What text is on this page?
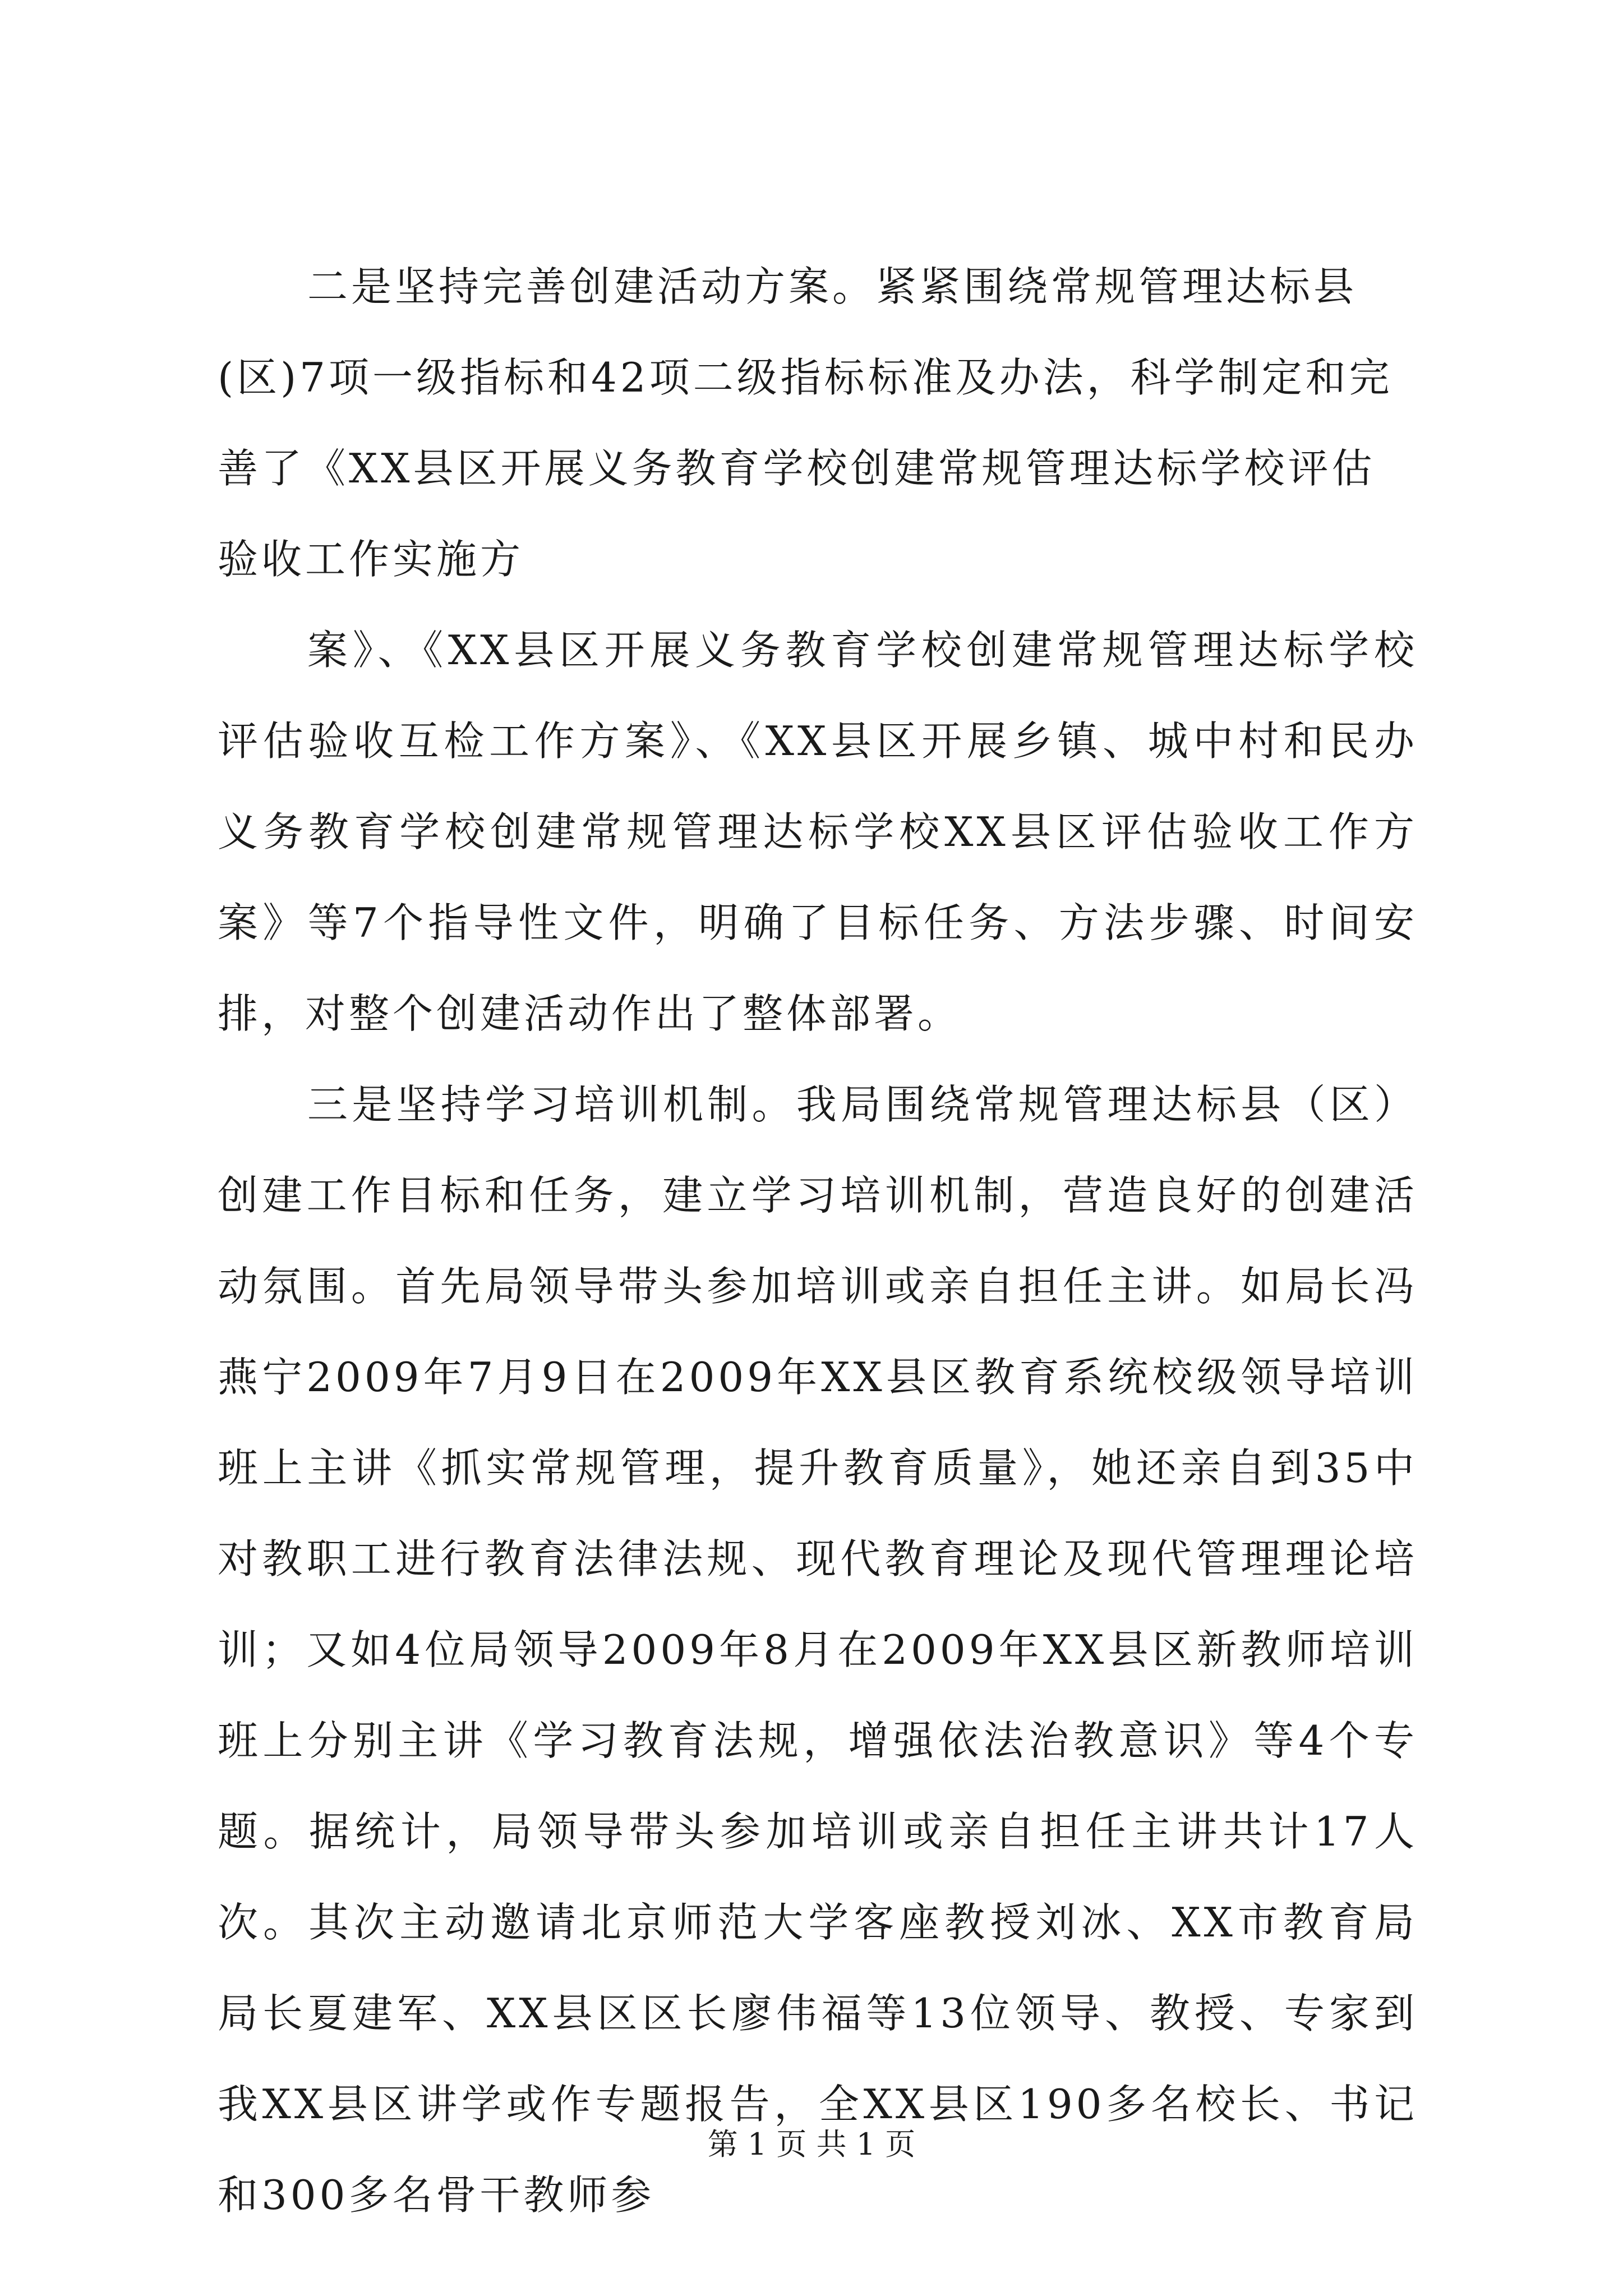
二是坚持完善创建活动方案。紧紧围绕常规管理达标县(区)7项一级指标和42项二级指标标准及办法，科学制定和完善了《XX县区开展义务教育学校创建常规管理达标学校评估验收工作实施方

案》、《XX县区开展义务教育学校创建常规管理达标学校评估验收互检工作方案》、《XX县区开展乡镇、城中村和民办义务教育学校创建常规管理达标学校XX县区评估验收工作方案》等7个指导性文件，明确了目标任务、方法步骤、时间安排，对整个创建活动作出了整体部署。

三是坚持学习培训机制。我局围绕常规管理达标县（区）创建工作目标和任务，建立学习培训机制，营造良好的创建活动氛围。首先局领导带头参加培训或亲自担任主讲。如局长冯燕宁2009年7月9日在2009年XX县区教育系统校级领导培训班上主讲《抓实常规管理，提升教育质量》，她还亲自到35中对教职工进行教育法律法规、现代教育理论及现代管理理论培训；又如4位局领导2009年8月在2009年XX县区新教师培训班上分别主讲《学习教育法规，增强依法治教意识》等4个专题。据统计，局领导带头参加培训或亲自担任主讲共计17人次。其次主动邀请北京师范大学客座教授刘冰、XX市教育局局长夏建军、XX县区区长廖伟福等13位领导、教授、专家到我XX县区讲学或作专题报告，全XX县区190多名校长、书记和300多名骨干教师参

第 1 页 共 1 页
